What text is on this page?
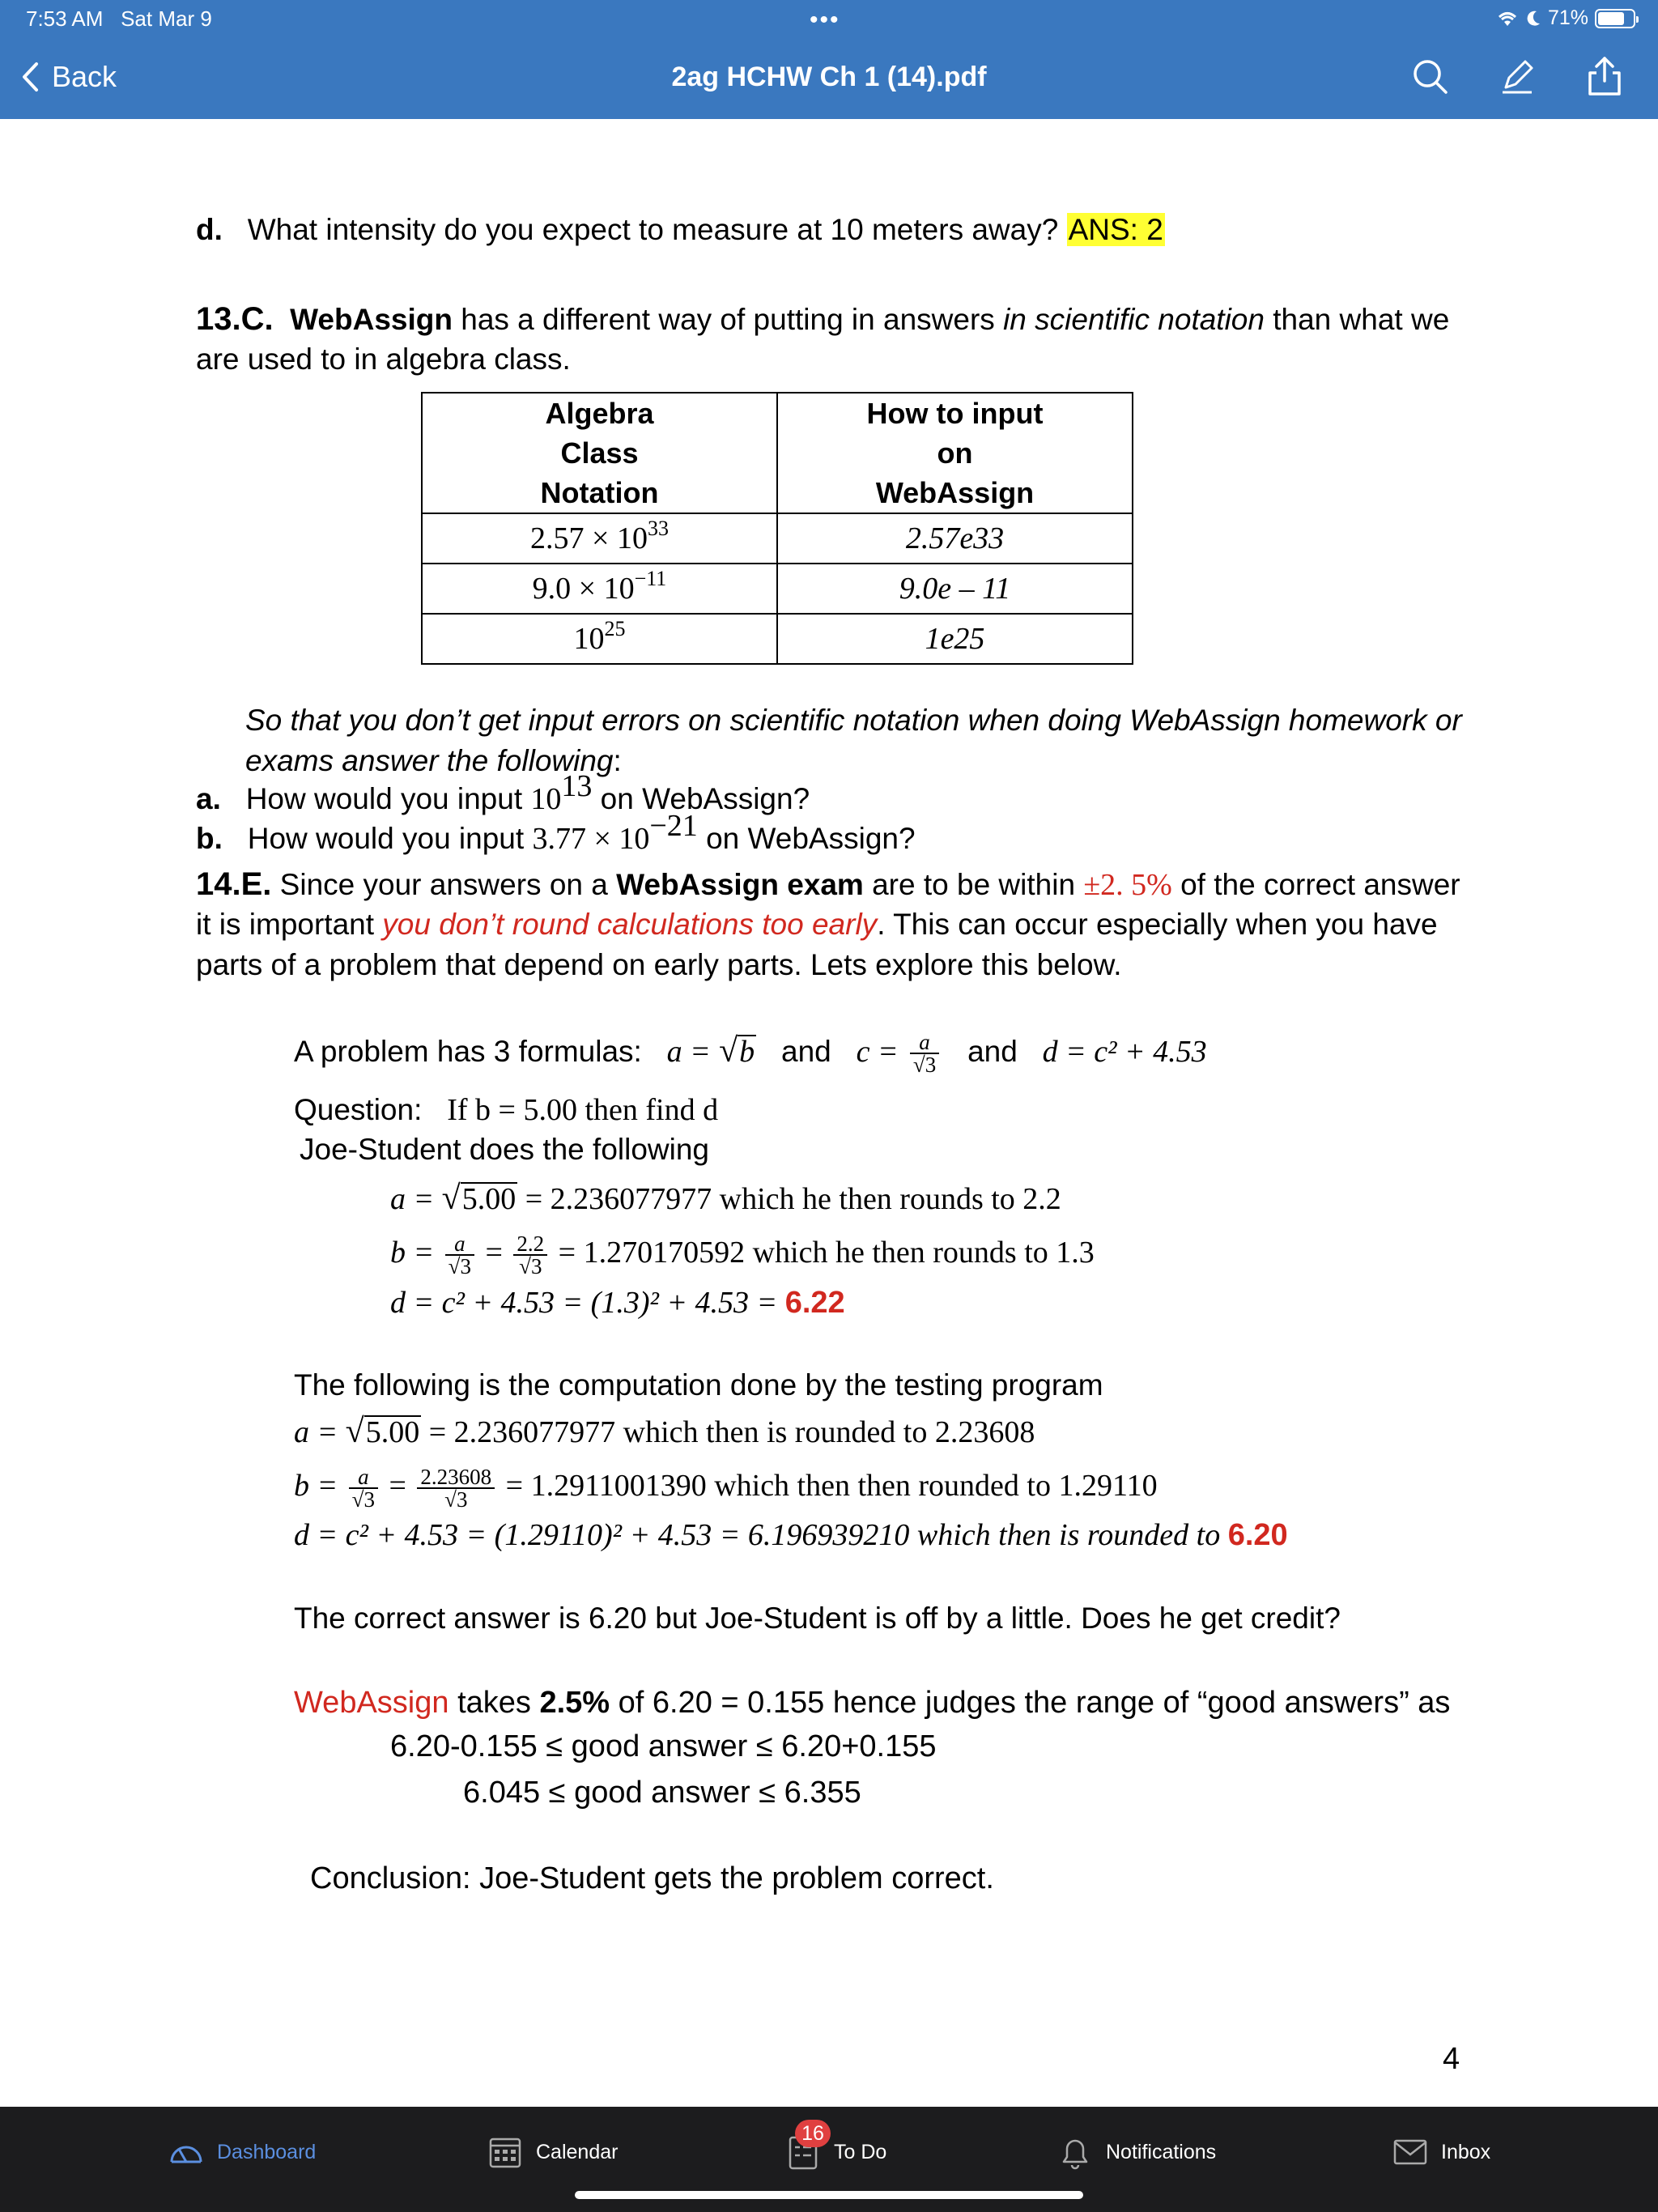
7:53 AM Sat Mar 9	•••	71%
Back	2ag HCHW Ch 1 (14).pdf
d. What intensity do you expect to measure at 10 meters away? ANS: 2
13.C. WebAssign has a different way of putting in answers in scientific notation than what we
are used to in algebra class.
Algebra Class Notation	How to input on WebAssign
$2.57 \times 10^{33}$	2.57e33
$9.0 \times 10^{-11}$	9.0e – 11
$10^{25}$	1e25
So that you don’t get input errors on scientific notation when doing WebAssign homework or
exams answer the following:
a. How would you input $10^{13}$ on WebAssign?
b. How would you input $3.77 \times 10^{-21}$ on WebAssign?
14.E. Since your answers on a WebAssign exam are to be within ±2. 5% of the correct answer
it is important you don’t round calculations too early. This can occur especially when you have
parts of a problem that depend on early parts. Lets explore this below.
A problem has 3 formulas: a = √b and $c = \frac{a}{√3}$ and d = c² + 4.53
Question: If b = 5.00 then find d
Joe-Student does the following
a = √5.00 = 2.236077977 which he then rounds to 2.2
$b = \frac{a}{√3} = \frac{2.2}{√3} = 1.270170592$ which he then rounds to 1.3
d = c² + 4.53 = (1.3)² + 4.53 = 6.22
The following is the computation done by the testing program
a = √5.00 = 2.236077977 which then is rounded to 2.23608
$b = \frac{a}{√3} = \frac{2.23608}{√3} = 1.2911001390$ which then then rounded to 1.29110
d = c² + 4.53 = (1.29110)² + 4.53 = 6.196939210 which then is rounded to 6.20
The correct answer is 6.20 but Joe-Student is off by a little. Does he get credit?
WebAssign takes 2.5% of 6.20 = 0.155 hence judges the range of “good answers” as
6.20-0.155 ≤ good answer ≤ 6.20+0.155
6.045 ≤ good answer ≤ 6.355
Conclusion: Joe-Student gets the problem correct.
4
Dashboard	Calendar	To Do
16
Notifications	Inbox
